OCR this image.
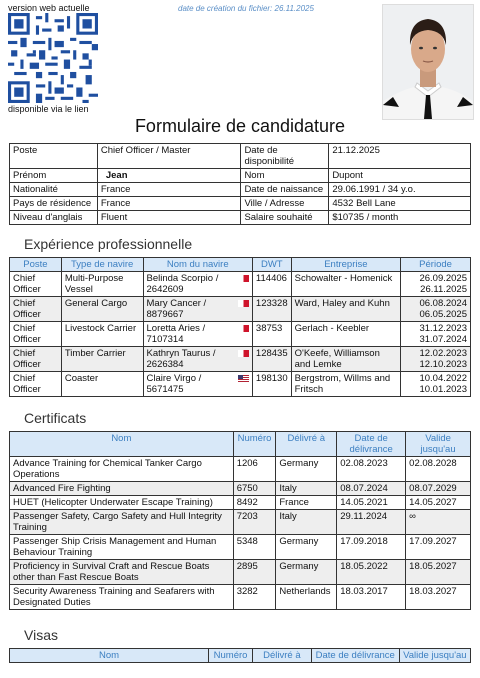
version web actuelle
disponible via le lien
date de création du fichier: 26.11.2025
Formulaire de candidature
Poste	Chief Officer / Master	Date de disponibilité	21.12.2025
Prénom	Jean	Nom	Dupont
Nationalité	France	Date de naissance	29.06.1991 / 34 y.o.
Pays de résidence	France	Ville / Adresse	4532 Bell Lane
Niveau d'anglais	Fluent	Salaire souhaité	$10735 / month
Expérience professionnelle
Poste	Type de navire	Nom du navire	DWT	Entreprise	Période
Chief Officer	Multi-Purpose Vessel	Belinda Scorpio / 2642609	114406	Schowalter - Homenick	26.09.2025 26.11.2025
Chief Officer	General Cargo	Mary Cancer / 8879667	123328	Ward, Haley and Kuhn	06.08.2024 06.05.2025
Chief Officer	Livestock Carrier	Loretta Aries / 7107314	38753	Gerlach - Keebler	31.12.2023 31.07.2024
Chief Officer	Timber Carrier	Kathryn Taurus / 2626384	128435	O'Keefe, Williamson and Lemke	12.02.2023 12.10.2023
Chief Officer	Coaster	Claire Virgo / 5671475	198130	Bergstrom, Willms and Fritsch	10.04.2022 10.01.2023
Certificats
Nom	Numéro	Délivré à	Date de délivrance	Valide jusqu'au
Advance Training for Chemical Tanker Cargo Operations	1206	Germany	02.08.2023	02.08.2028
Advanced Fire Fighting	6750	Italy	08.07.2024	08.07.2029
HUET (Helicopter Underwater Escape Training)	8492	France	14.05.2021	14.05.2027
Passenger Safety, Cargo Safety and Hull Integrity Training	7203	Italy	29.11.2024	∞
Passenger Ship Crisis Management and Human Behaviour Training	5348	Germany	17.09.2018	17.09.2027
Proficiency in Survival Craft and Rescue Boats other than Fast Rescue Boats	2895	Germany	18.05.2022	18.05.2027
Security Awareness Training and Seafarers with Designated Duties	3282	Netherlands	18.03.2017	18.03.2027
Visas
Nom	Numéro	Délivré à	Date de délivrance	Valide jusqu'au
